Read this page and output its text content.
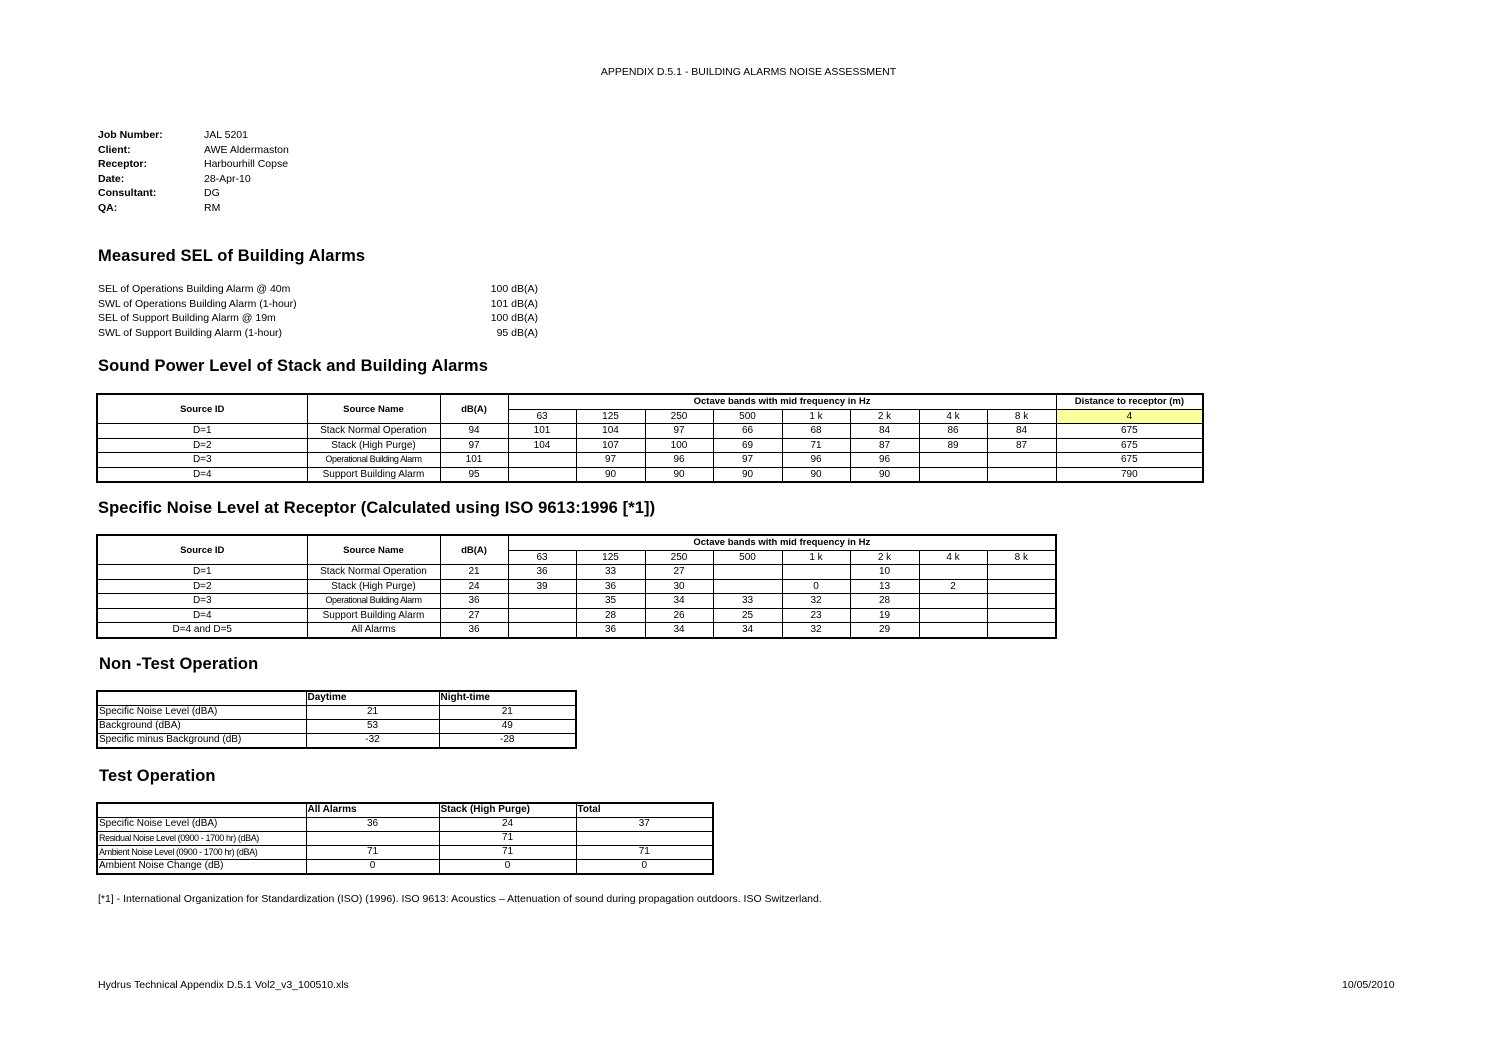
APPENDIX D.5.1 - BUILDING ALARMS NOISE ASSESSMENT
Job Number:	JAL 5201
Client:	AWE Aldermaston
Receptor:	Harbourhill Copse
Date:	28-Apr-10
Consultant:	DG
QA:	RM
Measured SEL of Building Alarms
SEL of Operations Building Alarm @ 40m	100 dB(A)
SWL of Operations Building Alarm (1-hour)	101 dB(A)
SEL of Support Building Alarm @ 19m	100 dB(A)
SWL of Support Building Alarm (1-hour)	95 dB(A)
Sound Power Level of Stack and Building Alarms
Source ID	Source Name	dB(A)	Octave bands with mid frequency in Hz								Distance to receptor (m)
			63	125	250	500	1 k	2 k	4 k	8 k	4
D=1	Stack Normal Operation	94	101	104	97	66	68	84	86	84	675
D=2	Stack (High Purge)	97	104	107	100	69	71	87	89	87	675
D=3	Operational Building Alarm	101		97	96	97	96	96			675
D=4	Support Building Alarm	95		90	90	90	90	90			790
Specific Noise Level at Receptor (Calculated using ISO 9613:1996 [*1])
Source ID	Source Name	dB(A)	Octave bands with mid frequency in Hz							
			63	125	250	500	1 k	2 k	4 k	8 k
D=1	Stack Normal Operation	21	36	33	27			10		
D=2	Stack (High Purge)	24	39	36	30		0	13	2	
D=3	Operational Building Alarm	36		35	34	33	32	28		
D=4	Support Building Alarm	27		28	26	25	23	19		
D=4 and D=5	All Alarms	36		36	34	34	32	29		
Non -Test Operation
	Daytime	Night-time
Specific Noise Level (dBA)	21	21
Background (dBA)	53	49
Specific minus Background (dB)	-32	-28
Test Operation
	All Alarms	Stack (High Purge)	Total
Specific Noise Level (dBA)	36	24	37
Residual Noise Level (0900 - 1700 hr) (dBA)		71	
Ambient Noise Level (0900 - 1700 hr) (dBA)	71	71	71
Ambient Noise Change (dB)	0	0	0
[*1] - International Organization for Standardization (ISO) (1996). ISO 9613: Acoustics – Attenuation of sound during propagation outdoors. ISO Switzerland.
Hydrus Technical Appendix D.5.1 Vol2_v3_100510.xls	10/05/2010
